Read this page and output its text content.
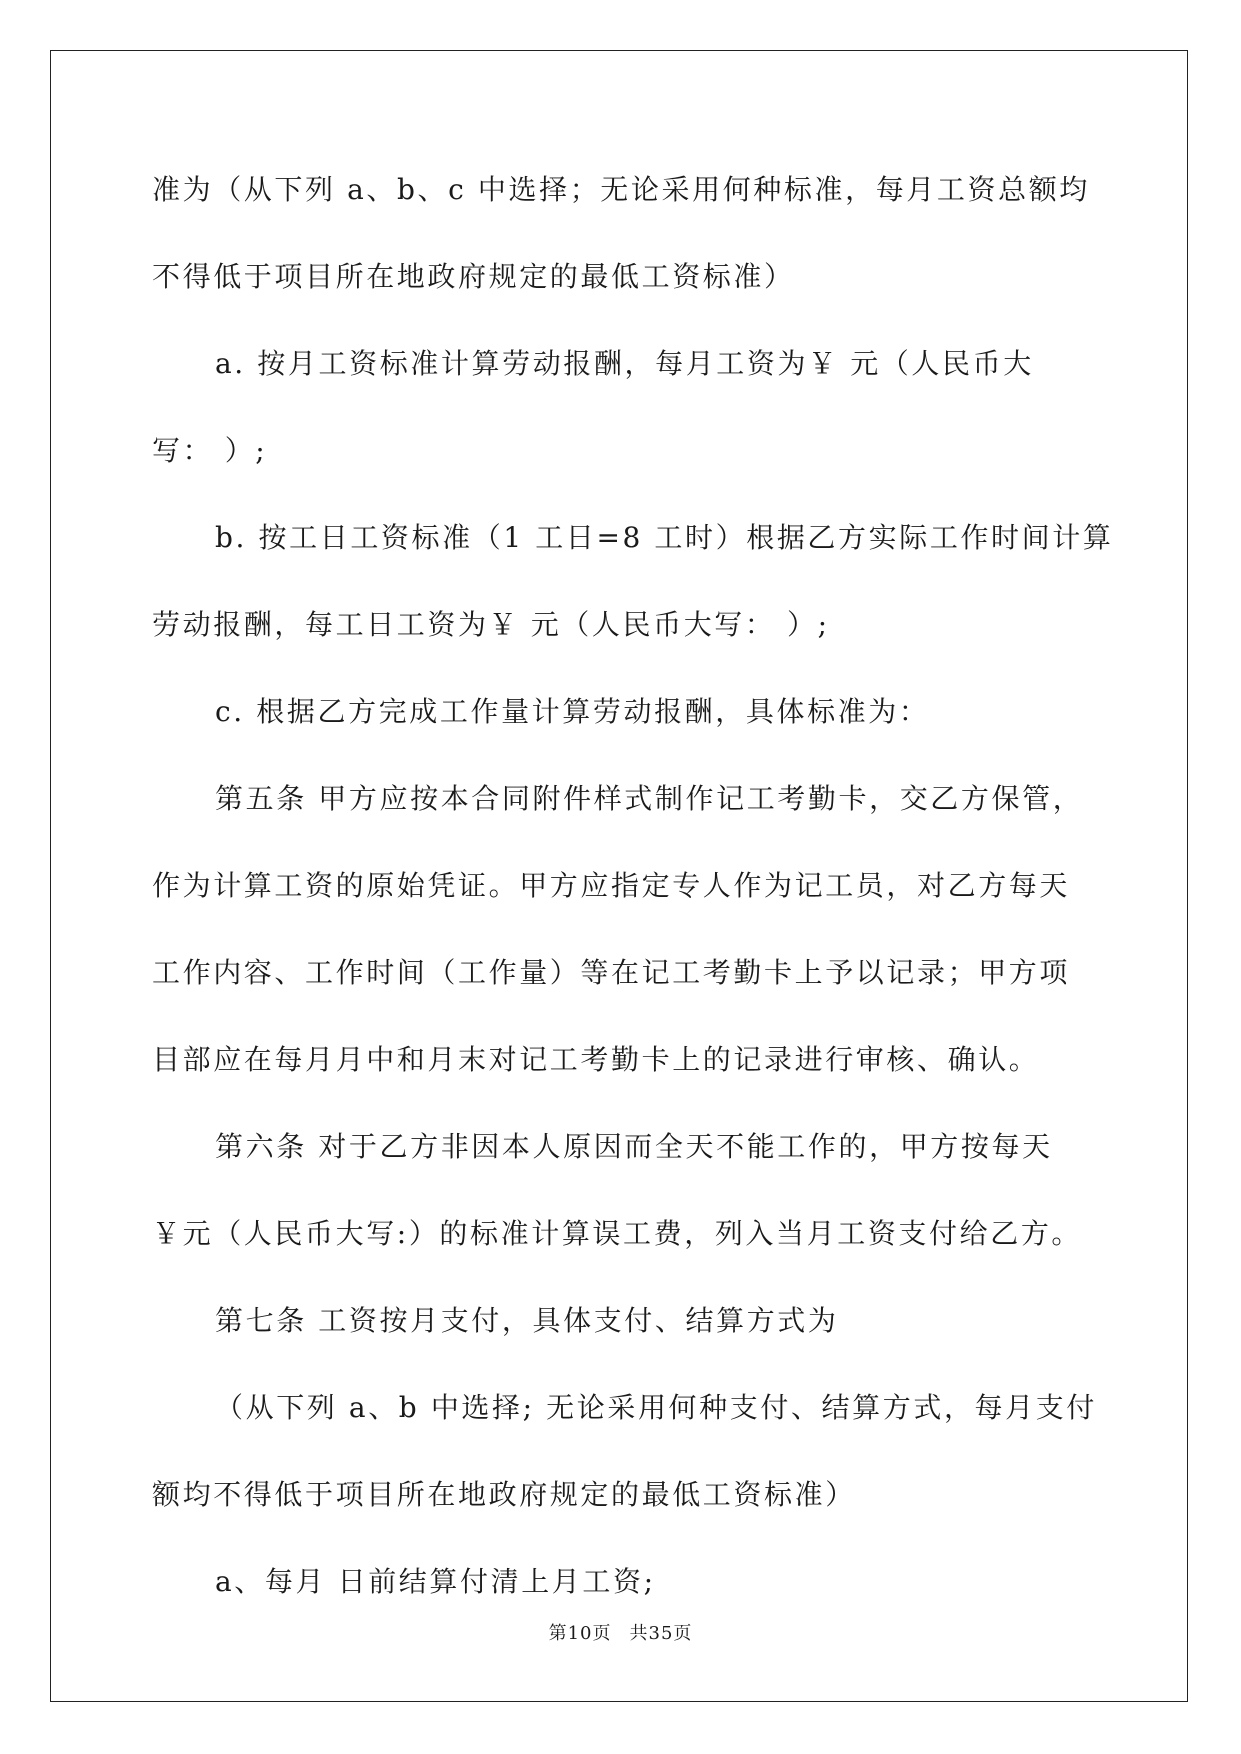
准为（从下列 a、b、c 中选择；无论采用何种标准，每月工资总额均
不得低于项目所在地政府规定的最低工资标准）
a. 按月工资标准计算劳动报酬，每月工资为￥ 元（人民币大
写： ）;
b. 按工日工资标准（1 工日=8 工时）根据乙方实际工作时间计算
劳动报酬，每工日工资为￥ 元（人民币大写： ）;
c. 根据乙方完成工作量计算劳动报酬，具体标准为：
第五条 甲方应按本合同附件样式制作记工考勤卡，交乙方保管，
作为计算工资的原始凭证。甲方应指定专人作为记工员，对乙方每天
工作内容、工作时间（工作量）等在记工考勤卡上予以记录；甲方项
目部应在每月月中和月末对记工考勤卡上的记录进行审核、确认。
第六条 对于乙方非因本人原因而全天不能工作的，甲方按每天
￥元（人民币大写:）的标准计算误工费，列入当月工资支付给乙方。
第七条 工资按月支付，具体支付、结算方式为
（从下列 a、b 中选择; 无论采用何种支付、结算方式，每月支付
额均不得低于项目所在地政府规定的最低工资标准）
a、每月 日前结算付清上月工资;
第10页 共35页
